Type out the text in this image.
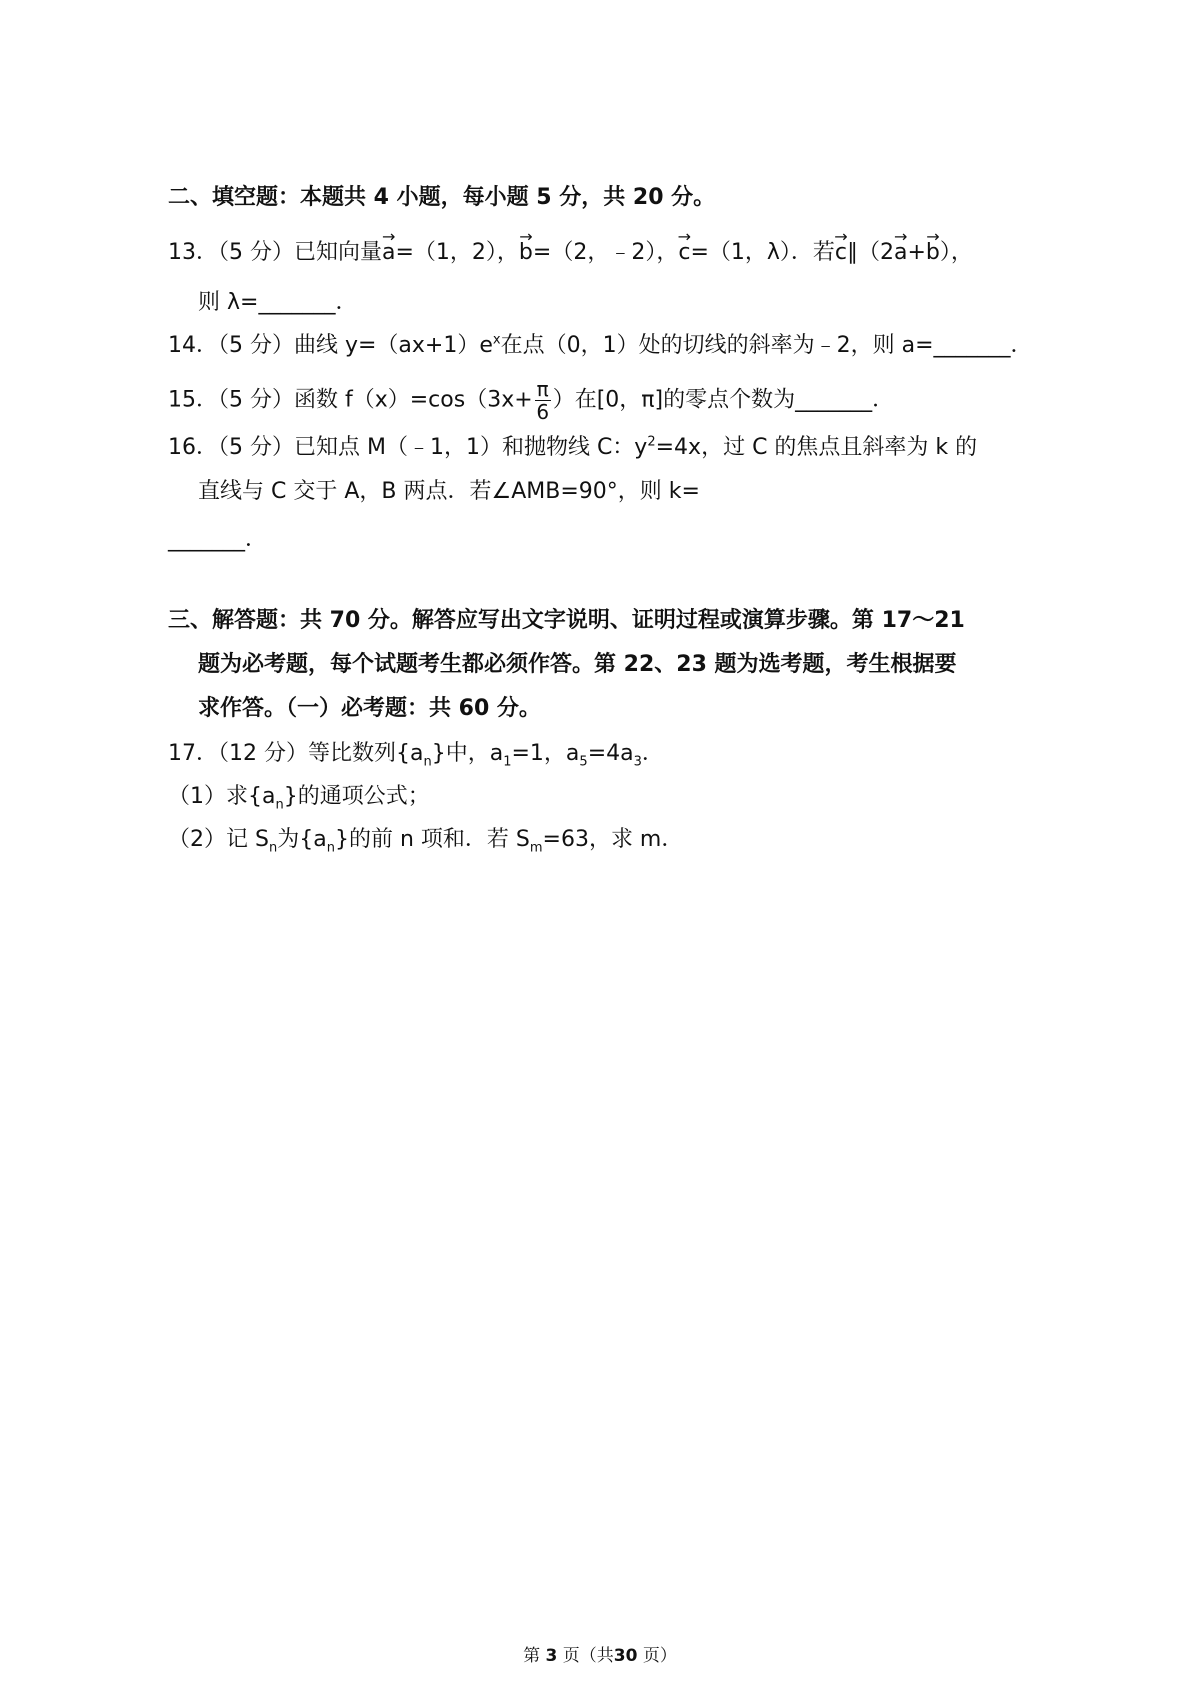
二、填空题：本题共 4 小题，每小题 5 分，共 20 分。
13．（5 分）已知向量→ a=（1，2），→ b=（2，﹣2），→ c=（1，λ）．若→ c∥（2→ a+→ b），
则 λ=_______．
14．（5 分）曲线 $y=(ax+1)e^x$在点（0，1）处的切线的斜率为﹣2，则 a=_______．
15．（5 分）函数 $f(x)=\cos(3x+ \frac{\pi}{6}$ ）在[0，π]的零点个数为_______．
16．（5 分）已知点 M（﹣1，1）和抛物线 C：$y^2=4x$，过 C 的焦点且斜率为 k 的
直线与 C 交于 A，B 两点．若∠AMB=90°，则 k=
_______．
三、解答题：共 70 分。解答应写出文字说明、证明过程或演算步骤。第 17～21
题为必考题，每个试题考生都必须作答。第 22、23 题为选考题，考生根据要
求作答。（一）必考题：共 60 分。
17．（12 分）等比数列$\{a_n\}$中，$a_1=1$，$a_5=4a_3$．
（1）求$\{a_n\}$的通项公式；
（2）记 $S_n$为$\{a_n\}$的前 n 项和．若 $S_m=63$，求 m．
第 3 页（共30 页）
